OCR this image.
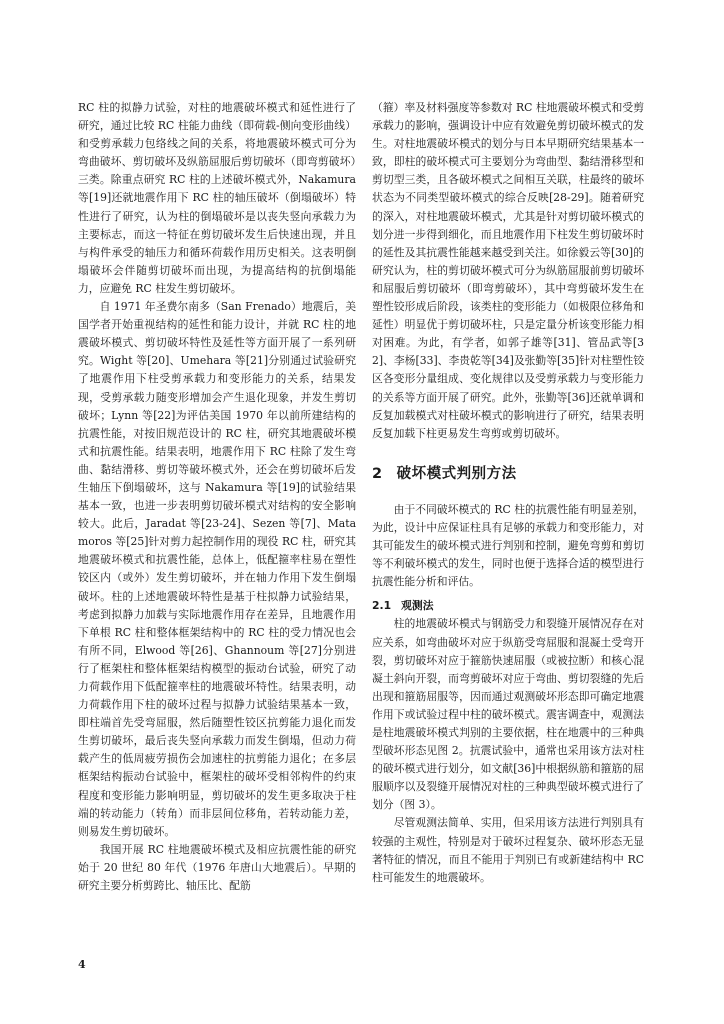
RC 柱的拟静力试验，对柱的地震破坏模式和延性进行了研究，通过比较 RC 柱能力曲线（即荷载-侧向变形曲线）和受剪承载力包络线之间的关系，将地震破坏模式可分为弯曲破坏、剪切破坏及纵筋屈服后剪切破坏（即弯剪破坏）三类。除重点研究 RC 柱的上述破坏模式外，Nakamura 等[19]还就地震作用下 RC 柱的轴压破坏（倒塌破坏）特性进行了研究，认为柱的倒塌破坏是以丧失竖向承载力为主要标志，而这一特征在剪切破坏发生后快速出现，并且与构件承受的轴压力和循环荷载作用历史相关。这表明倒塌破坏会伴随剪切破坏而出现，为提高结构的抗倒塌能力，应避免 RC 柱发生剪切破坏。

自 1971 年圣费尔南多（San Frenado）地震后，美国学者开始重视结构的延性和能力设计，并就 RC 柱的地震破坏模式、剪切破坏特性及延性等方面开展了一系列研究。Wight 等[20]、Umehara 等[21]分别通过试验研究了地震作用下柱受剪承载力和变形能力的关系，结果发现，受剪承载力随变形增加会产生退化现象，并发生剪切破坏；Lynn 等[22]为评估美国 1970 年以前所建结构的抗震性能，对按旧规范设计的 RC 柱，研究其地震破坏模式和抗震性能。结果表明，地震作用下 RC 柱除了发生弯曲、黏结滑移、剪切等破坏模式外，还会在剪切破坏后发生轴压下倒塌破坏，这与 Nakamura 等[19]的试验结果基本一致，也进一步表明剪切破坏模式对结构的安全影响较大。此后，Jaradat 等[23-24]、Sezen 等[7]、Matamoros 等[25]针对剪力起控制作用的现役 RC 柱，研究其地震破坏模式和抗震性能，总体上，低配箍率柱易在塑性铰区内（或外）发生剪切破坏，并在轴力作用下发生倒塌破坏。柱的上述地震破坏特性是基于柱拟静力试验结果，考虑到拟静力加载与实际地震作用存在差异，且地震作用下单根 RC 柱和整体框架结构中的 RC 柱的受力情况也会有所不同，Elwood 等[26]、Ghannoum 等[27]分别进行了框架柱和整体框架结构模型的振动台试验，研究了动力荷载作用下低配箍率柱的地震破坏特性。结果表明，动力荷载作用下柱的破坏过程与拟静力试验结果基本一致，即柱端首先受弯屈服，然后随塑性铰区抗剪能力退化而发生剪切破坏，最后丧失竖向承载力而发生倒塌，但动力荷载产生的低周疲劳损伤会加速柱的抗剪能力退化；在多层框架结构振动台试验中，框架柱的破坏受相邻构件的约束程度和变形能力影响明显，剪切破坏的发生更多取决于柱端的转动能力（转角）而非层间位移角，若转动能力差，则易发生剪切破坏。

我国开展 RC 柱地震破坏模式及相应抗震性能的研究始于 20 世纪 80 年代（1976 年唐山大地震后）。早期的研究主要分析剪跨比、轴压比、配筋

（箍）率及材料强度等参数对 RC 柱地震破坏模式和受剪承载力的影响，强调设计中应有效避免剪切破坏模式的发生。对柱地震破坏模式的划分与日本早期研究结果基本一致，即柱的破坏模式可主要划分为弯曲型、黏结滑移型和剪切型三类，且各破坏模式之间相互关联，柱最终的破坏状态为不同类型破坏模式的综合反映[28-29]。随着研究的深入，对柱地震破坏模式，尤其是针对剪切破坏模式的划分进一步得到细化，而且地震作用下柱发生剪切破坏时的延性及其抗震性能越来越受到关注。如徐毅云等[30]的研究认为，柱的剪切破坏模式可分为纵筋屈服前剪切破坏和屈服后剪切破坏（即弯剪破坏），其中弯剪破坏发生在塑性铰形成后阶段，该类柱的变形能力（如极限位移角和延性）明显优于剪切破坏柱，只是定量分析该变形能力相对困难。为此，有学者，如郭子雄等[31]、管品武等[32]、李杨[33]、李贵乾等[34]及张勤等[35]针对柱塑性铰区各变形分量组成、变化规律以及受剪承载力与变形能力的关系等方面开展了研究。此外，张勤等[36]还就单调和反复加载模式对柱破坏模式的影响进行了研究，结果表明反复加载下柱更易发生弯剪或剪切破坏。

2 破坏模式判别方法

由于不同破坏模式的 RC 柱的抗震性能有明显差别，为此，设计中应保证柱具有足够的承载力和变形能力，对其可能发生的破坏模式进行判别和控制，避免弯剪和剪切等不利破坏模式的发生，同时也便于选择合适的模型进行抗震性能分析和评估。

2.1 观测法

柱的地震破坏模式与钢筋受力和裂缝开展情况存在对应关系，如弯曲破坏对应于纵筋受弯屈服和混凝土受弯开裂，剪切破坏对应于箍筋快速屈服（或被拉断）和核心混凝土斜向开裂，而弯剪破坏对应于弯曲、剪切裂缝的先后出现和箍筋屈服等，因而通过观测破坏形态即可确定地震作用下或试验过程中柱的破坏模式。震害调查中，观测法是柱地震破坏模式判别的主要依据，柱在地震中的三种典型破坏形态见图 2。抗震试验中，通常也采用该方法对柱的破坏模式进行划分，如文献[36]中根据纵筋和箍筋的屈服顺序以及裂缝开展情况对柱的三种典型破坏模式进行了划分（图 3）。

尽管观测法简单、实用，但采用该方法进行判别具有较强的主观性，特别是对于破坏过程复杂、破坏形态无显著特征的情况，而且不能用于判别已有或新建结构中 RC 柱可能发生的地震破坏。

4
